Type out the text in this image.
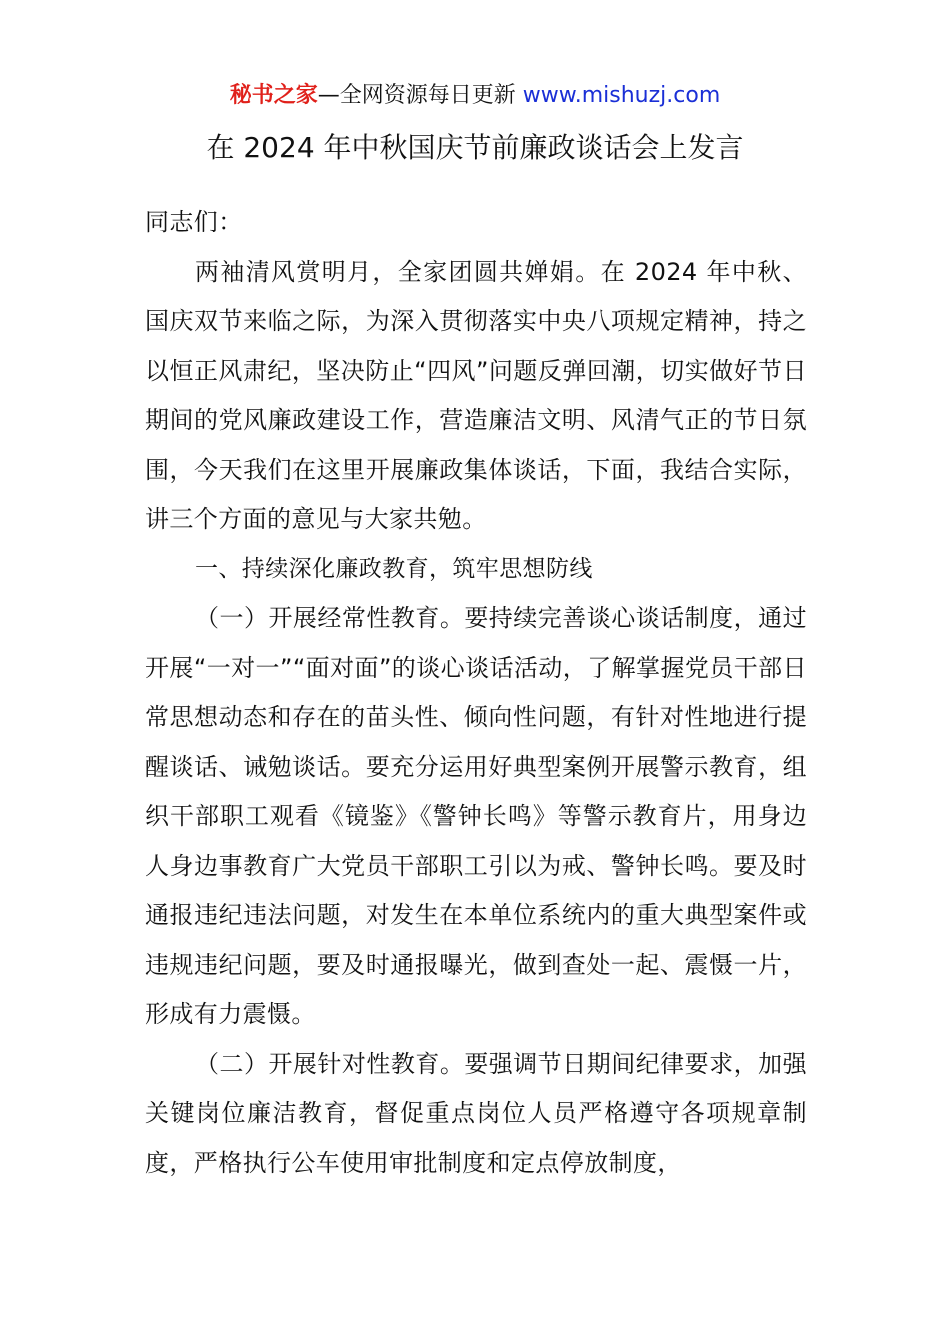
秘书之家—全网资源每日更新 www.mishuzj.com
在 2024 年中秋国庆节前廉政谈话会上发言

同志们：

两袖清风赏明月，全家团圆共婵娟。在 2024 年中秋、国庆双节来临之际，为深入贯彻落实中央八项规定精神，持之以恒正风肃纪，坚决防止“四风”问题反弹回潮，切实做好节日期间的党风廉政建设工作，营造廉洁文明、风清气正的节日氛围，今天我们在这里开展廉政集体谈话，下面，我结合实际，讲三个方面的意见与大家共勉。

一、持续深化廉政教育，筑牢思想防线

（一）开展经常性教育。要持续完善谈心谈话制度，通过开展“一对一”“面对面”的谈心谈话活动，了解掌握党员干部日常思想动态和存在的苗头性、倾向性问题，有针对性地进行提醒谈话、诫勉谈话。要充分运用好典型案例开展警示教育，组织干部职工观看《镜鉴》《警钟长鸣》等警示教育片，用身边人身边事教育广大党员干部职工引以为戒、警钟长鸣。要及时通报违纪违法问题，对发生在本单位系统内的重大典型案件或违规违纪问题，要及时通报曝光，做到查处一起、震慑一片，形成有力震慑。

（二）开展针对性教育。要强调节日期间纪律要求，加强关键岗位廉洁教育，督促重点岗位人员严格遵守各项规章制度，严格执行公车使用审批制度和定点停放制度，
